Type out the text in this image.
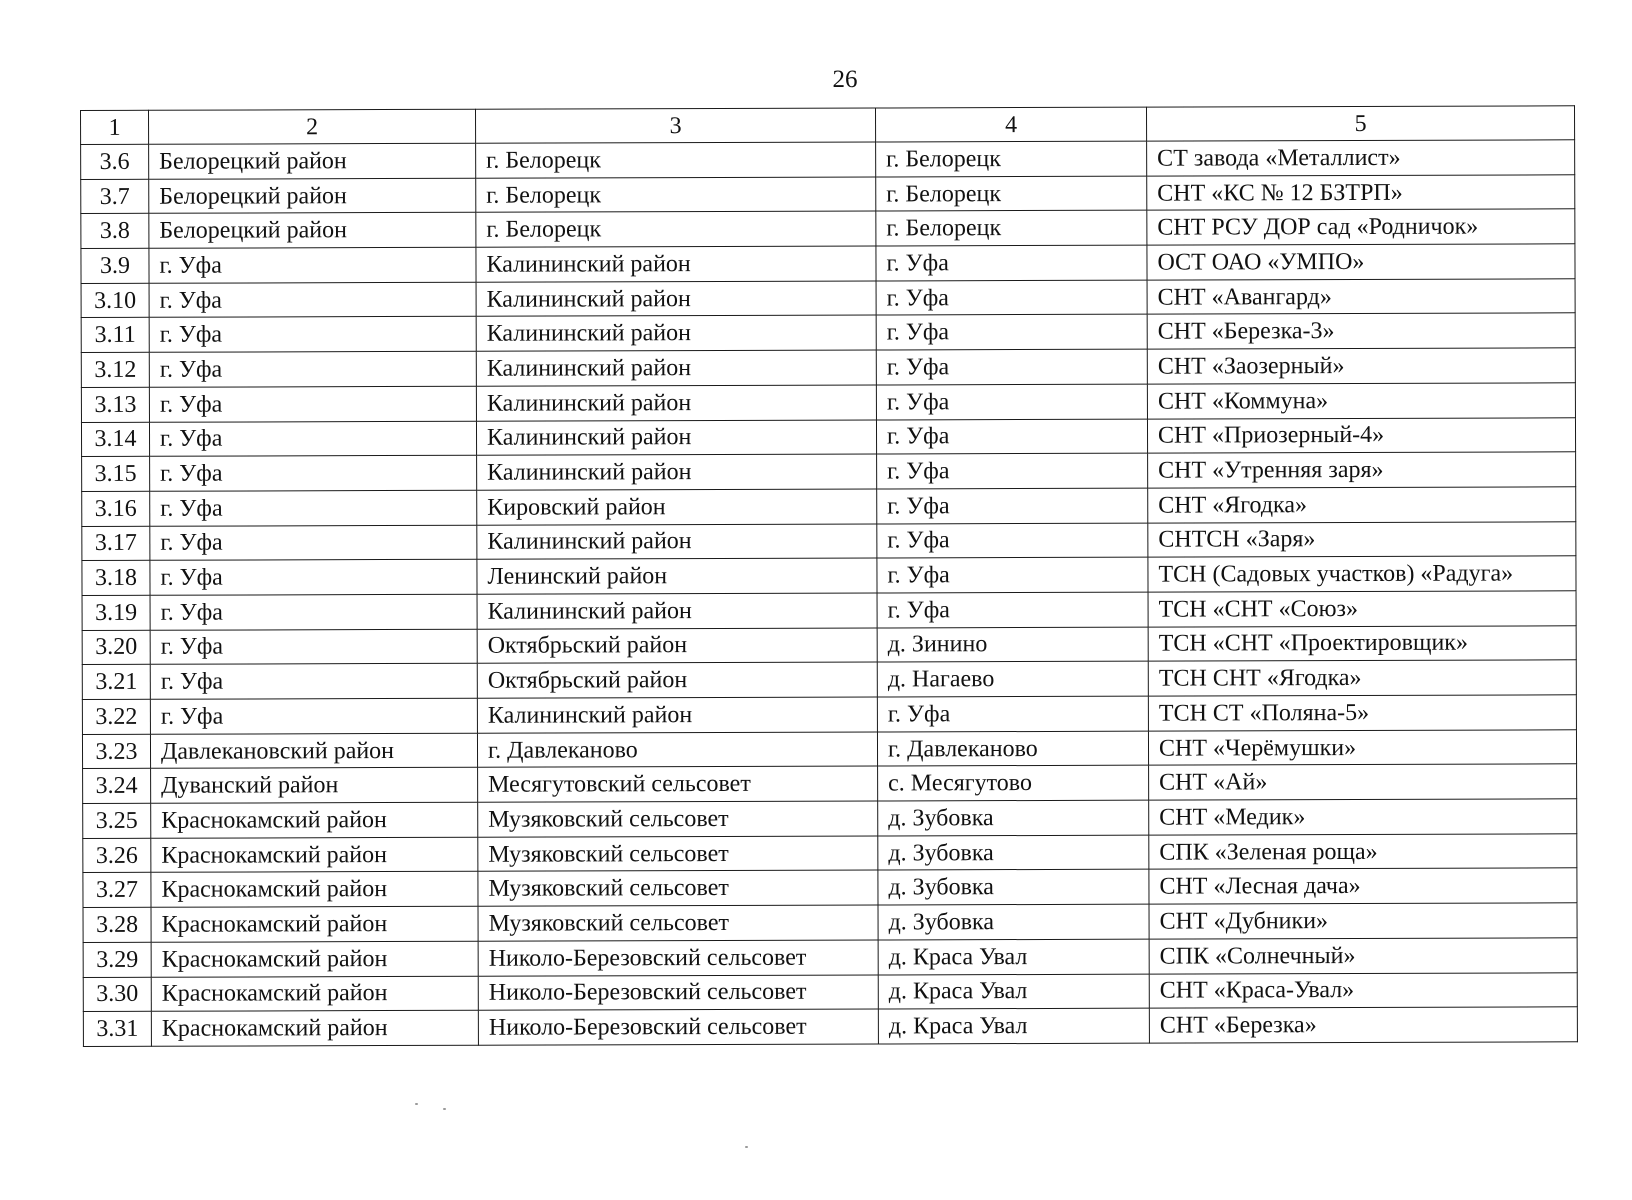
26
1	2	3	4	5
3.6	Белорецкий район	г. Белорецк	г. Белорецк	СТ завода «Металлист»
3.7	Белорецкий район	г. Белорецк	г. Белорецк	СНТ «КС № 12 БЗТРП»
3.8	Белорецкий район	г. Белорецк	г. Белорецк	СНТ РСУ ДОР сад «Родничок»
3.9	г. Уфа	Калининский район	г. Уфа	ОСТ ОАО «УМПО»
3.10	г. Уфа	Калининский район	г. Уфа	СНТ «Авангард»
3.11	г. Уфа	Калининский район	г. Уфа	СНТ «Березка-3»
3.12	г. Уфа	Калининский район	г. Уфа	СНТ «Заозерный»
3.13	г. Уфа	Калининский район	г. Уфа	СНТ «Коммуна»
3.14	г. Уфа	Калининский район	г. Уфа	СНТ «Приозерный-4»
3.15	г. Уфа	Калининский район	г. Уфа	СНТ «Утренняя заря»
3.16	г. Уфа	Кировский район	г. Уфа	СНТ «Ягодка»
3.17	г. Уфа	Калининский район	г. Уфа	СНТСН «Заря»
3.18	г. Уфа	Ленинский район	г. Уфа	ТСН (Садовых участков) «Радуга»
3.19	г. Уфа	Калининский район	г. Уфа	ТСН «СНТ «Союз»
3.20	г. Уфа	Октябрьский район	д. Зинино	ТСН «СНТ «Проектировщик»
3.21	г. Уфа	Октябрьский район	д. Нагаево	ТСН СНТ «Ягодка»
3.22	г. Уфа	Калининский район	г. Уфа	ТСН СТ «Поляна-5»
3.23	Давлекановский район	г. Давлеканово	г. Давлеканово	СНТ «Черёмушки»
3.24	Дуванский район	Месягутовский сельсовет	с. Месягутово	СНТ «Ай»
3.25	Краснокамский район	Музяковский сельсовет	д. Зубовка	СНТ «Медик»
3.26	Краснокамский район	Музяковский сельсовет	д. Зубовка	СПК «Зеленая роща»
3.27	Краснокамский район	Музяковский сельсовет	д. Зубовка	СНТ «Лесная дача»
3.28	Краснокамский район	Музяковский сельсовет	д. Зубовка	СНТ «Дубники»
3.29	Краснокамский район	Николо-Березовский сельсовет	д. Краса Увал	СПК «Солнечный»
3.30	Краснокамский район	Николо-Березовский сельсовет	д. Краса Увал	СНТ «Краса-Увал»
3.31	Краснокамский район	Николо-Березовский сельсовет	д. Краса Увал	СНТ «Березка»
